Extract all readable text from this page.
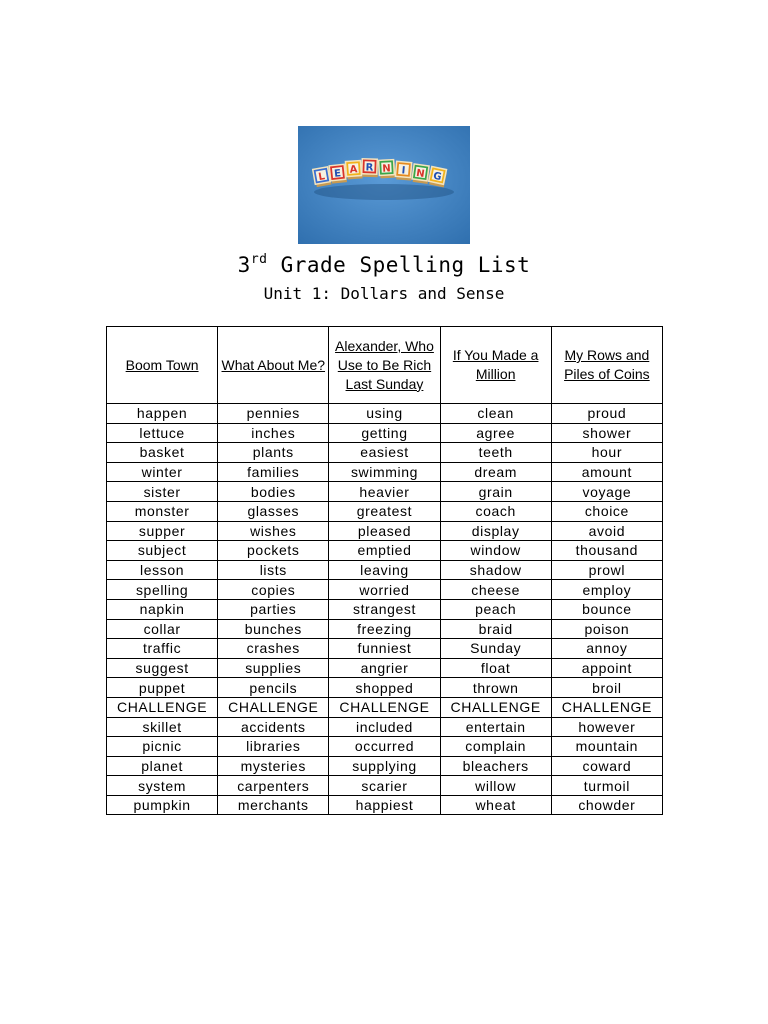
L E A R N I N G
3rd Grade Spelling List
Unit 1: Dollars and Sense
Boom Town	What About Me?	Alexander, Who Use to Be Rich Last Sunday	If You Made a Million	My Rows and Piles of Coins
happen	pennies	using	clean	proud
lettuce	inches	getting	agree	shower
basket	plants	easiest	teeth	hour
winter	families	swimming	dream	amount
sister	bodies	heavier	grain	voyage
monster	glasses	greatest	coach	choice
supper	wishes	pleased	display	avoid
subject	pockets	emptied	window	thousand
lesson	lists	leaving	shadow	prowl
spelling	copies	worried	cheese	employ
napkin	parties	strangest	peach	bounce
collar	bunches	freezing	braid	poison
traffic	crashes	funniest	Sunday	annoy
suggest	supplies	angrier	float	appoint
puppet	pencils	shopped	thrown	broil
CHALLENGE	CHALLENGE	CHALLENGE	CHALLENGE	CHALLENGE
skillet	accidents	included	entertain	however
picnic	libraries	occurred	complain	mountain
planet	mysteries	supplying	bleachers	coward
system	carpenters	scarier	willow	turmoil
pumpkin	merchants	happiest	wheat	chowder
